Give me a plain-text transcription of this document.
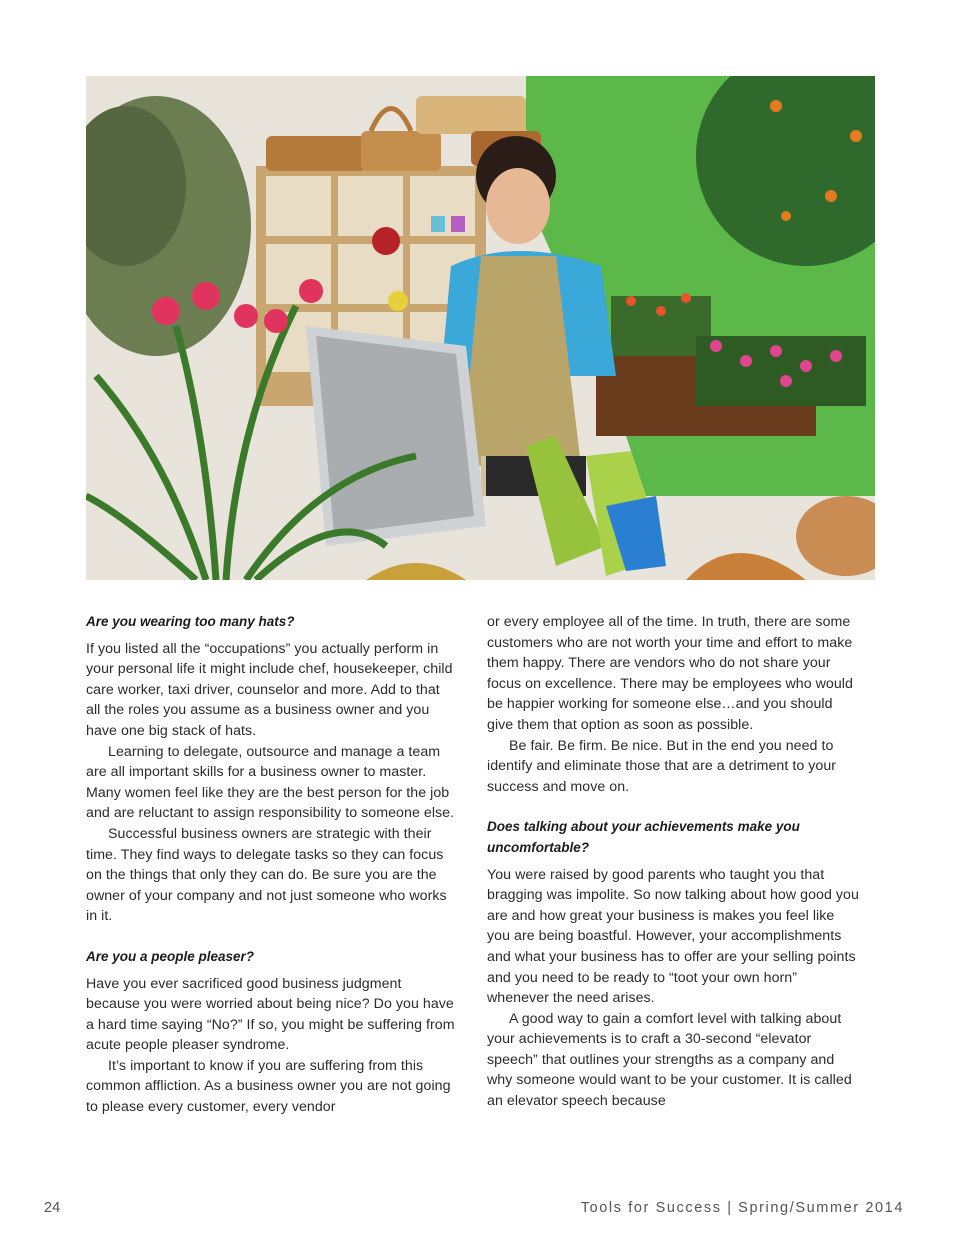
Are you wearing too many hats?

If you listed all the “occupations” you actually perform in your personal life it might include chef, housekeeper, child care worker, taxi driver, counselor and more. Add to that all the roles you assume as a business owner and you have one big stack of hats.

Learning to delegate, outsource and manage a team are all important skills for a business owner to master. Many women feel like they are the best person for the job and are reluctant to assign responsibility to someone else.

Successful business owners are strategic with their time. They find ways to delegate tasks so they can focus on the things that only they can do. Be sure you are the owner of your company and not just someone who works in it.

Are you a people pleaser?

Have you ever sacrificed good business judgment because you were worried about being nice? Do you have a hard time saying “No?” If so, you might be suffering from acute people pleaser syndrome.

It’s important to know if you are suffering from this common affliction. As a business owner you are not going to please every customer, every vendor

or every employee all of the time. In truth, there are some customers who are not worth your time and effort to make them happy. There are vendors who do not share your focus on excellence. There may be employees who would be happier working for someone else…and you should give them that option as soon as possible.

Be fair. Be firm. Be nice. But in the end you need to identify and eliminate those that are a detriment to your success and move on.

Does talking about your achievements make you uncomfortable?

You were raised by good parents who taught you that bragging was impolite. So now talking about how good you are and how great your business is makes you feel like you are being boastful. However, your accomplishments and what your business has to offer are your selling points and you need to be ready to “toot your own horn” whenever the need arises.

A good way to gain a comfort level with talking about your achievements is to craft a 30-second “elevator speech” that outlines your strengths as a company and why someone would want to be your customer. It is called an elevator speech because

24	Tools for Success | Spring/Summer 2014
